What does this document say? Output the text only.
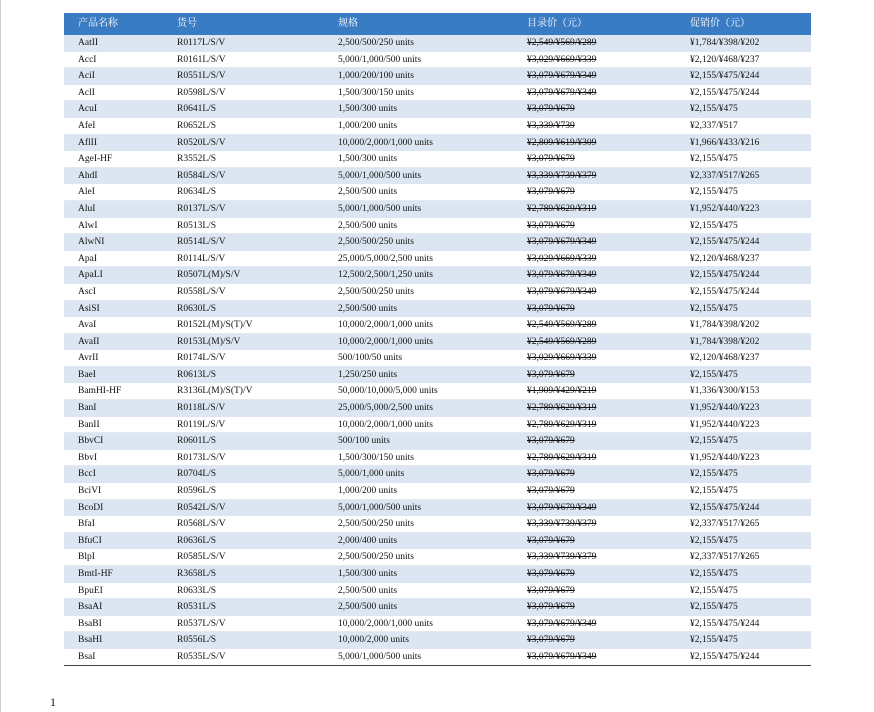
产品名称	货号	规格	目录价（元）	促销价（元）
AatII	R0117L/S/V	2,500/500/250 units	¥2,549/¥569/¥289	¥1,784/¥398/¥202
AccI	R0161L/S/V	5,000/1,000/500 units	¥3,029/¥669/¥339	¥2,120/¥468/¥237
AciI	R0551L/S/V	1,000/200/100 units	¥3,079/¥679/¥349	¥2,155/¥475/¥244
AclI	R0598L/S/V	1,500/300/150 units	¥3,079/¥679/¥349	¥2,155/¥475/¥244
AcuI	R0641L/S	1,500/300 units	¥3,079/¥679	¥2,155/¥475
AfeI	R0652L/S	1,000/200 units	¥3,339/¥739	¥2,337/¥517
AflII	R0520L/S/V	10,000/2,000/1,000 units	¥2,809/¥619/¥309	¥1,966/¥433/¥216
AgeI-HF	R3552L/S	1,500/300 units	¥3,079/¥679	¥2,155/¥475
AhdI	R0584L/S/V	5,000/1,000/500 units	¥3,339/¥739/¥379	¥2,337/¥517/¥265
AleI	R0634L/S	2,500/500 units	¥3,079/¥679	¥2,155/¥475
AluI	R0137L/S/V	5,000/1,000/500 units	¥2,789/¥629/¥319	¥1,952/¥440/¥223
AlwI	R0513L/S	2,500/500 units	¥3,079/¥679	¥2,155/¥475
AlwNI	R0514L/S/V	2,500/500/250 units	¥3,079/¥679/¥349	¥2,155/¥475/¥244
ApaI	R0114L/S/V	25,000/5,000/2,500 units	¥3,029/¥669/¥339	¥2,120/¥468/¥237
ApaLI	R0507L(M)/S/V	12,500/2,500/1,250 units	¥3,079/¥679/¥349	¥2,155/¥475/¥244
AscI	R0558L/S/V	2,500/500/250 units	¥3,079/¥679/¥349	¥2,155/¥475/¥244
AsiSI	R0630L/S	2,500/500 units	¥3,079/¥679	¥2,155/¥475
AvaI	R0152L(M)/S(T)/V	10,000/2,000/1,000 units	¥2,549/¥569/¥289	¥1,784/¥398/¥202
AvaII	R0153L(M)/S/V	10,000/2,000/1,000 units	¥2,549/¥569/¥289	¥1,784/¥398/¥202
AvrII	R0174L/S/V	500/100/50 units	¥3,029/¥669/¥339	¥2,120/¥468/¥237
BaeI	R0613L/S	1,250/250 units	¥3,079/¥679	¥2,155/¥475
BamHI-HF	R3136L(M)/S(T)/V	50,000/10,000/5,000 units	¥1,909/¥429/¥219	¥1,336/¥300/¥153
BanI	R0118L/S/V	25,000/5,000/2,500 units	¥2,789/¥629/¥319	¥1,952/¥440/¥223
BanII	R0119L/S/V	10,000/2,000/1,000 units	¥2,789/¥629/¥319	¥1,952/¥440/¥223
BbvCI	R0601L/S	500/100 units	¥3,079/¥679	¥2,155/¥475
BbvI	R0173L/S/V	1,500/300/150 units	¥2,789/¥629/¥319	¥1,952/¥440/¥223
BccI	R0704L/S	5,000/1,000 units	¥3,079/¥679	¥2,155/¥475
BciVI	R0596L/S	1,000/200 units	¥3,079/¥679	¥2,155/¥475
BcoDI	R0542L/S/V	5,000/1,000/500 units	¥3,079/¥679/¥349	¥2,155/¥475/¥244
BfaI	R0568L/S/V	2,500/500/250 units	¥3,339/¥739/¥379	¥2,337/¥517/¥265
BfuCI	R0636L/S	2,000/400 units	¥3,079/¥679	¥2,155/¥475
BlpI	R0585L/S/V	2,500/500/250 units	¥3,339/¥739/¥379	¥2,337/¥517/¥265
BmtI-HF	R3658L/S	1,500/300 units	¥3,079/¥679	¥2,155/¥475
BpuEI	R0633L/S	2,500/500 units	¥3,079/¥679	¥2,155/¥475
BsaAI	R0531L/S	2,500/500 units	¥3,079/¥679	¥2,155/¥475
BsaBI	R0537L/S/V	10,000/2,000/1,000 units	¥3,079/¥679/¥349	¥2,155/¥475/¥244
BsaHI	R0556L/S	10,000/2,000 units	¥3,079/¥679	¥2,155/¥475
BsaI	R0535L/S/V	5,000/1,000/500 units	¥3,079/¥679/¥349	¥2,155/¥475/¥244
1
